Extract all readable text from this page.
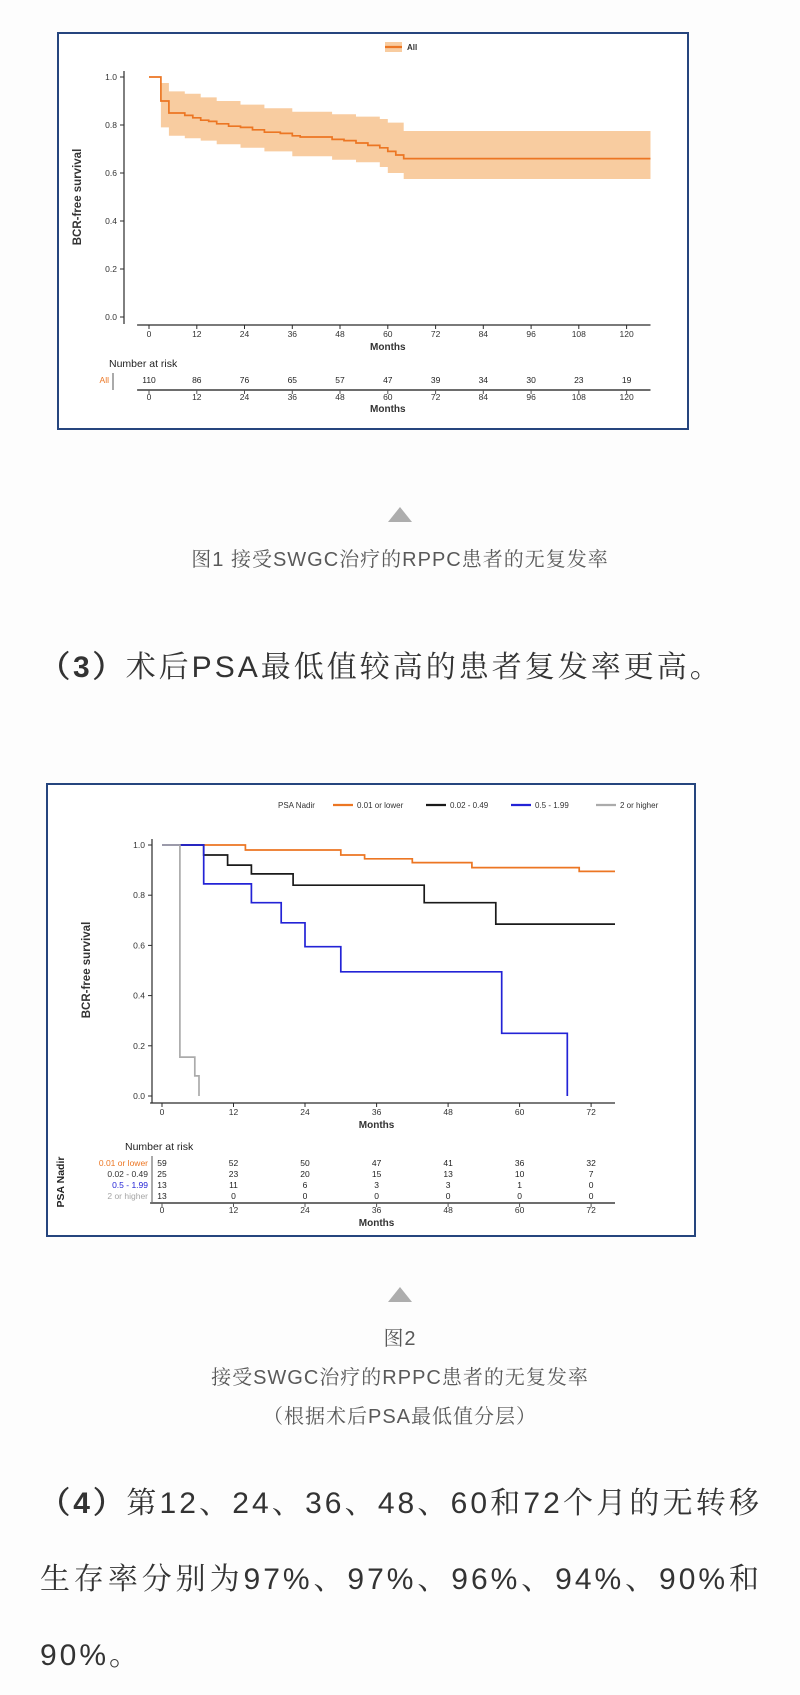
1.0
0.8
0.6
0.4
0.2
0.0
0	12	24	36	48	60	72	84	96	108	120
Months
BCR-free survival
All
Number at risk
All	110	86	76	65	57	47	39	34	30	23	19
0	12	24	36	48	60	72	84	96	108	120
Months
图1 接受SWGC治疗的RPPC患者的无复发率
（3）术后PSA最低值较高的患者复发率更高。
1.0
0.8
0.6
0.4
0.2
0.0
0	12	24	36	48	60	72
Months
BCR-free survival
PSA Nadir	0.01 or lower	0.02 - 0.49	0.5 - 1.99	2 or higher
Number at risk
0.01 or lower 59	52	50	47	41	36	32
0.02 - 0.49 25	23	20	15	13	10	7
0.5 - 1.99 13	11	6	3	3	1	0
2 or higher 13	0	0	0	0	0	0
0	12	24	36	48	60	72
Months
PSA Nadir
图2
接受SWGC治疗的RPPC患者的无复发率
（根据术后PSA最低值分层）
（4）第12、24、36、48、60和72个月的无转移生存率分别为97%、97%、96%、94%、90%和90%。
